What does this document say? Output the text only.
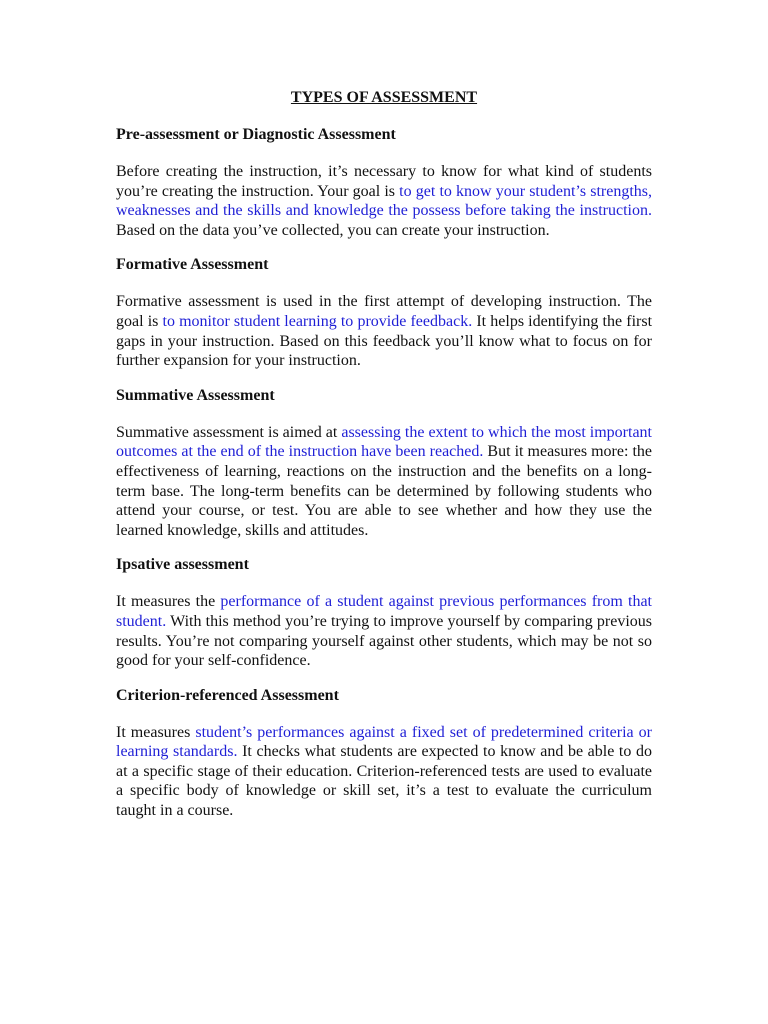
TYPES OF ASSESSMENT
Pre-assessment or Diagnostic Assessment
Before creating the instruction, it’s necessary to know for what kind of students you’re creating the instruction. Your goal is to get to know your student’s strengths, weaknesses and the skills and knowledge the possess before taking the instruction. Based on the data you’ve collected, you can create your instruction.
Formative Assessment
Formative assessment is used in the first attempt of developing instruction. The goal is to monitor student learning to provide feedback. It helps identifying the first gaps in your instruction. Based on this feedback you’ll know what to focus on for further expansion for your instruction.
Summative Assessment
Summative assessment is aimed at assessing the extent to which the most important outcomes at the end of the instruction have been reached. But it measures more: the effectiveness of learning, reactions on the instruction and the benefits on a long-term base. The long-term benefits can be determined by following students who attend your course, or test. You are able to see whether and how they use the learned knowledge, skills and attitudes.
Ipsative assessment
It measures the performance of a student against previous performances from that student. With this method you’re trying to improve yourself by comparing previous results. You’re not comparing yourself against other students, which may be not so good for your self-confidence.
Criterion-referenced Assessment
It measures student’s performances against a fixed set of predetermined criteria or learning standards. It checks what students are expected to know and be able to do at a specific stage of their education. Criterion-referenced tests are used to evaluate a specific body of knowledge or skill set, it’s a test to evaluate the curriculum taught in a course.
